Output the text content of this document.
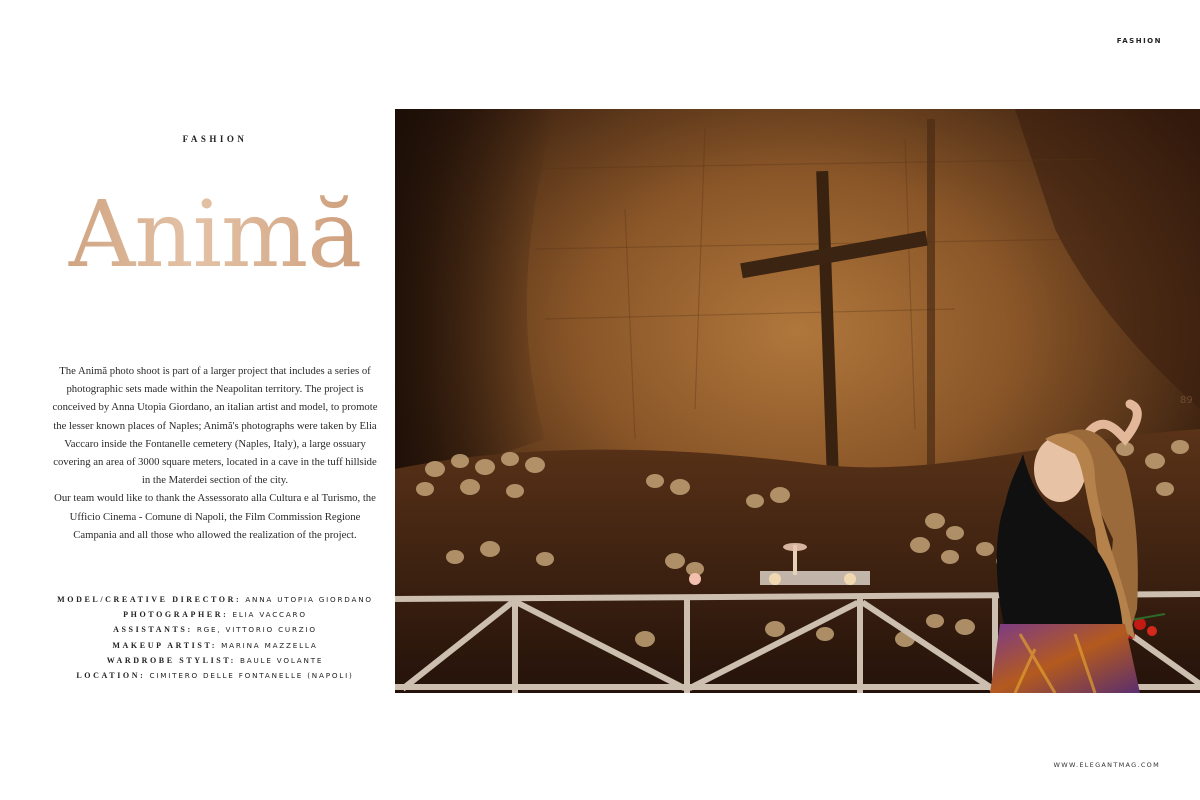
FASHION
FASHION
Animă

The Animă photo shoot is part of a larger project that includes a series of photographic sets made within the Neapolitan territory. The project is conceived by Anna Utopia Giordano, an italian artist and model, to promote the lesser known places of Naples; Animă's photographs were taken by Elia Vaccaro inside the Fontanelle cemetery (Naples, Italy), a large ossuary covering an area of 3000 square meters, located in a cave in the tuff hillside in the Materdei section of the city.

Our team would like to thank the Assessorato alla Cultura e al Turismo, the Ufficio Cinema - Comune di Napoli, the Film Commission Regione Campania and all those who allowed the realization of the project.

MODEL/CREATIVE DIRECTOR: ANNA UTOPIA GIORDANO
PHOTOGRAPHER: ELIA VACCARO
ASSISTANTS: RGE, VITTORIO CURZIO
MAKEUP ARTIST: MARINA MAZZELLA
WARDROBE STYLIST: BAULE VOLANTE
LOCATION: CIMITERO DELLE FONTANELLE (NAPOLI)
89
WWW.ELEGANTMAG.COM
